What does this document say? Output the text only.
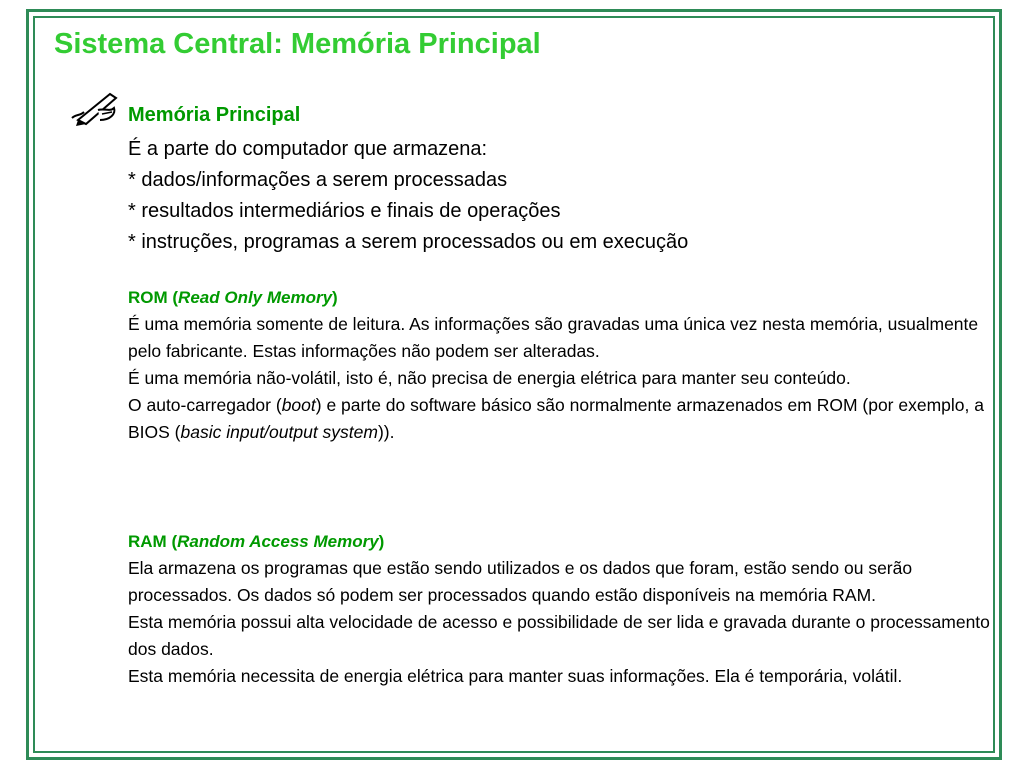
Sistema Central: Memória Principal
Memória Principal
É a parte do computador que armazena:
* dados/informações a serem processadas
* resultados intermediários e finais de operações
* instruções, programas a serem processados ou em execução
ROM (Read Only Memory)

É uma memória somente de leitura. As informações são gravadas uma única vez nesta memória, usualmente pelo fabricante. Estas informações não podem ser alteradas.

É uma memória não-volátil, isto é, não precisa de energia elétrica para manter seu conteúdo.

O auto-carregador (boot) e parte do software básico são normalmente armazenados em ROM (por exemplo, a BIOS (basic input/output system)).

RAM (Random Access Memory)

Ela armazena os programas que estão sendo utilizados e os dados que foram, estão sendo ou serão processados. Os dados só podem ser processados quando estão disponíveis na memória RAM.

Esta memória possui alta velocidade de acesso e possibilidade de ser lida e gravada durante o processamento dos dados.

Esta memória necessita de energia elétrica para manter suas informações. Ela é temporária, volátil.
